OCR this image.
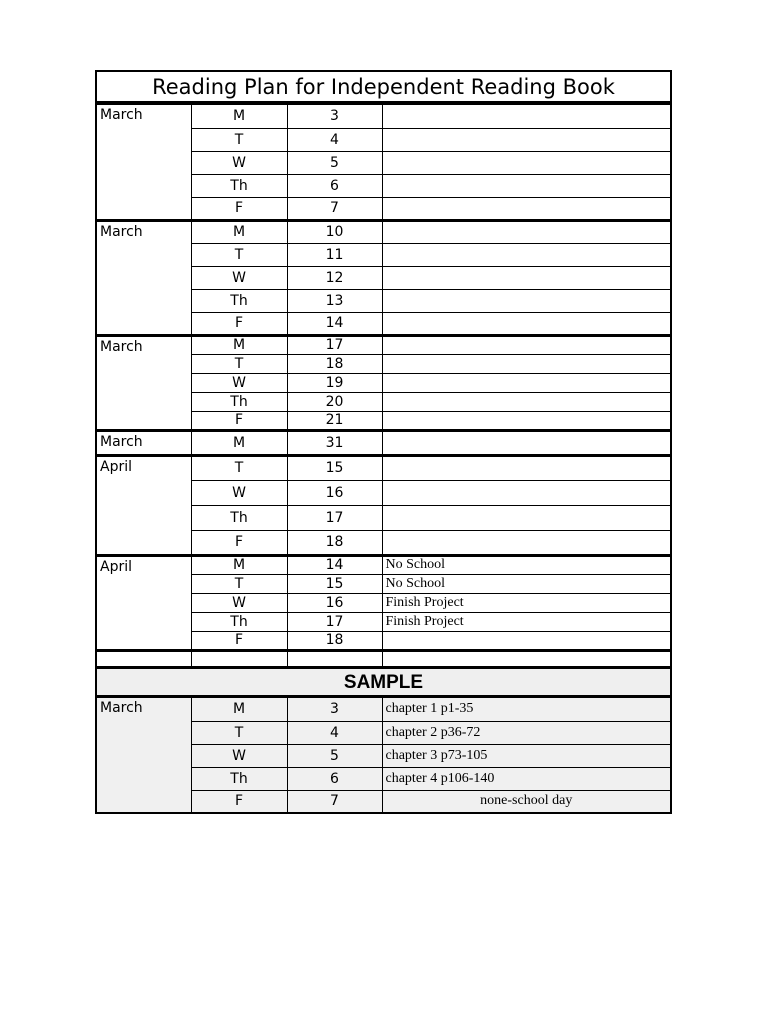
Reading Plan for Independent Reading Book
March	M	3	
	T	4	
	W	5	
	Th	6	
	F	7	
March	M	10	
	T	11	
	W	12	
	Th	13	
	F	14	
March	M	17	
	T	18	
	W	19	
	Th	20	
	F	21	
March	M	31	
April	T	15	
	W	16	
	Th	17	
	F	18	
April	M	14	No School
	T	15	No School
	W	16	Finish Project
	Th	17	Finish Project
	F	18	

SAMPLE
March	M	3	chapter 1 p1-35
	T	4	chapter 2 p36-72
	W	5	chapter 3 p73-105
	Th	6	chapter 4 p106-140
	F	7	none-school day
